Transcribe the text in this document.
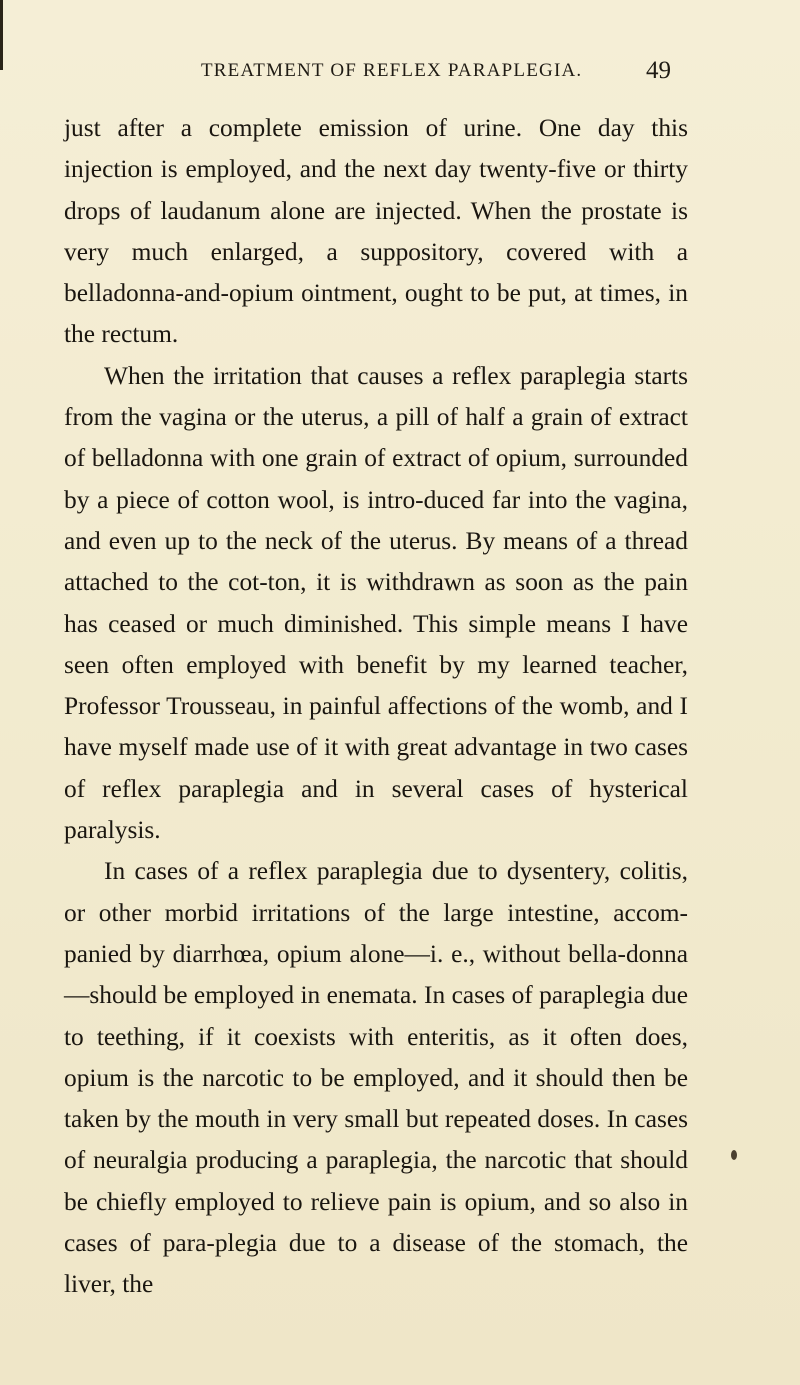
TREATMENT OF REFLEX PARAPLEGIA.	49

just after a complete emission of urine. One day this injection is employed, and the next day twenty-five or thirty drops of laudanum alone are injected. When the prostate is very much enlarged, a suppository, covered with a belladonna-and-opium ointment, ought to be put, at times, in the rectum.

When the irritation that causes a reflex paraplegia starts from the vagina or the uterus, a pill of half a grain of extract of belladonna with one grain of extract of opium, surrounded by a piece of cotton wool, is intro-duced far into the vagina, and even up to the neck of the uterus. By means of a thread attached to the cot-ton, it is withdrawn as soon as the pain has ceased or much diminished. This simple means I have seen often employed with benefit by my learned teacher, Professor Trousseau, in painful affections of the womb, and I have myself made use of it with great advantage in two cases of reflex paraplegia and in several cases of hysterical paralysis.

In cases of a reflex paraplegia due to dysentery, colitis, or other morbid irritations of the large intestine, accom-panied by diarrhœa, opium alone—i. e., without bella-donna—should be employed in enemata. In cases of paraplegia due to teething, if it coexists with enteritis, as it often does, opium is the narcotic to be employed, and it should then be taken by the mouth in very small but repeated doses. In cases of neuralgia producing a paraplegia, the narcotic that should be chiefly employed to relieve pain is opium, and so also in cases of para-plegia due to a disease of the stomach, the liver, the
